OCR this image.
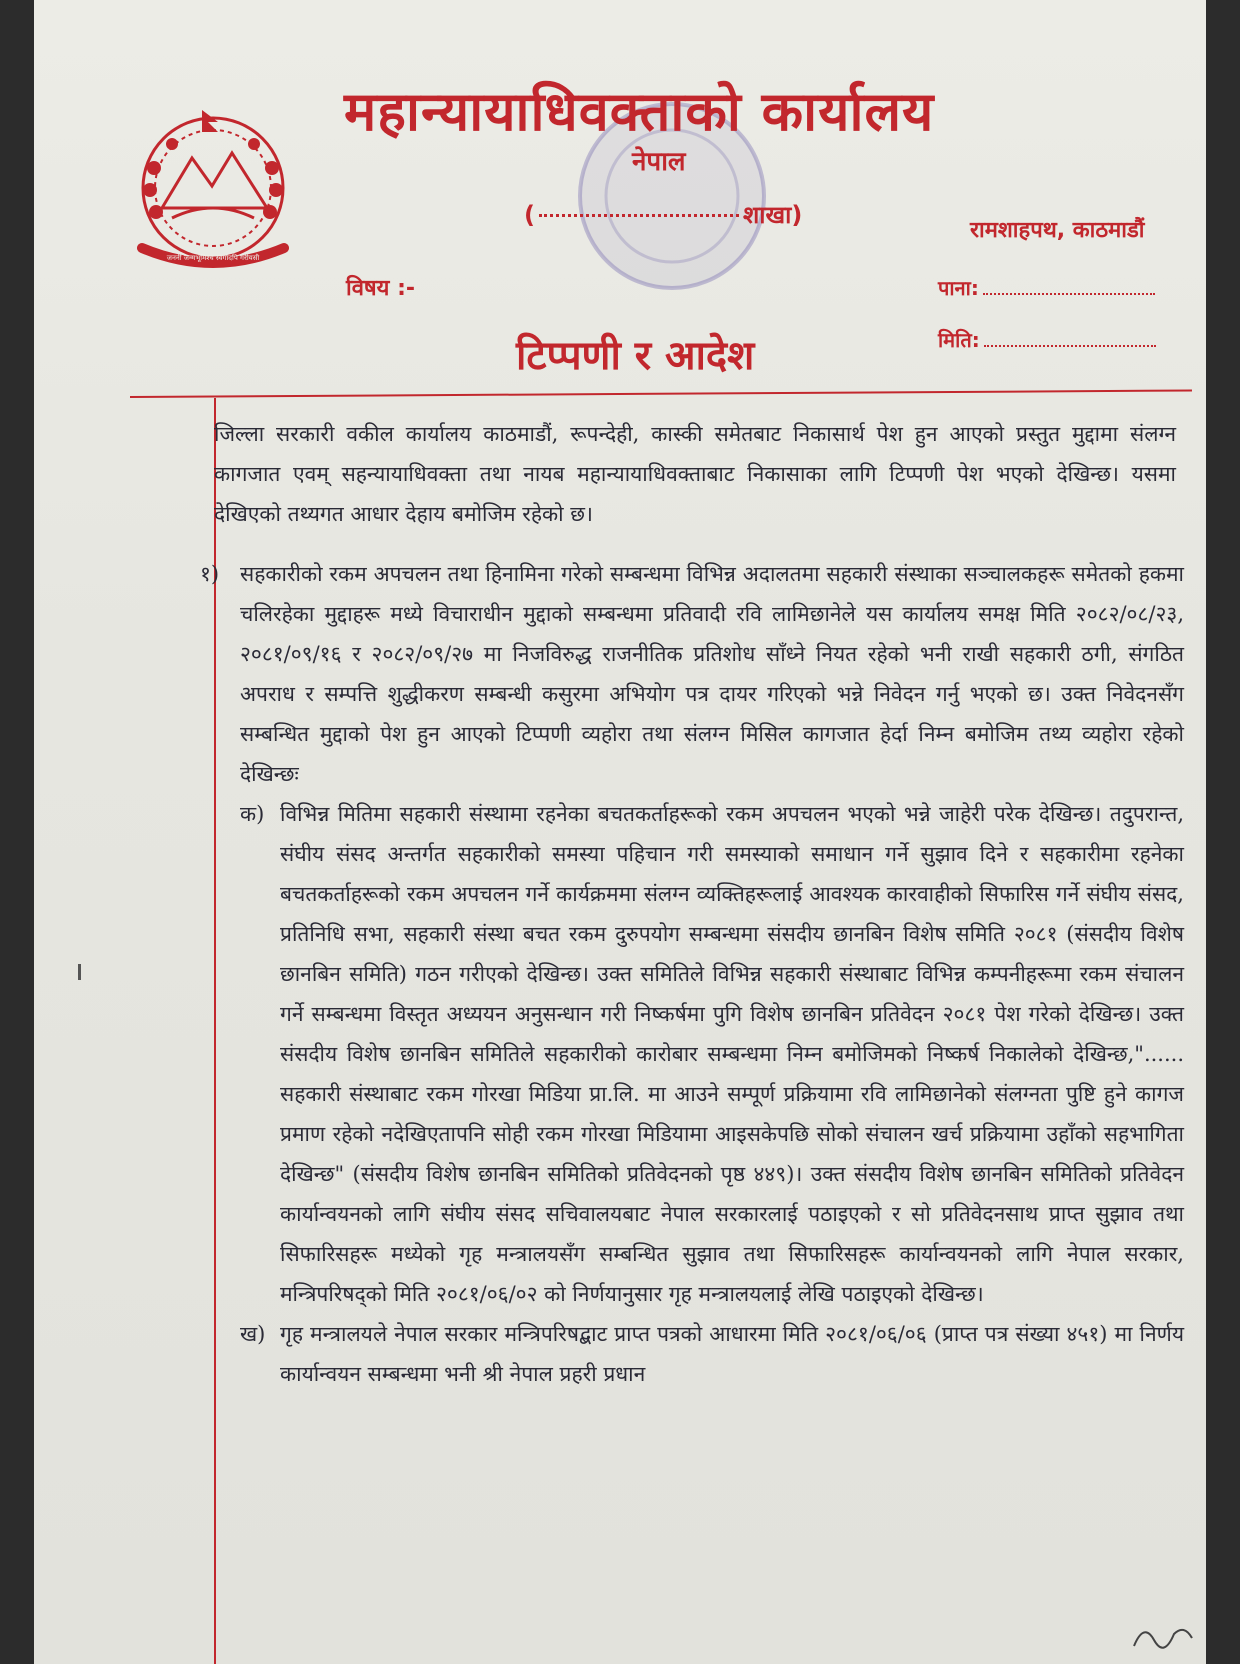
जननी जन्मभूमिश्च स्वर्गादपि गरीयसी
महान्यायाधिवक्ताको कार्यालय
नेपाल
(	शाखा)
रामशाहपथ, काठमाडौं
विषय :-	पाना:
मिति:
टिप्पणी र आदेश

जिल्ला सरकारी वकील कार्यालय काठमाडौं, रूपन्देही, कास्की समेतबाट निकासार्थ पेश हुन आएको प्रस्तुत मुद्दामा संलग्न कागजात एवम् सहन्यायाधिवक्ता तथा नायब महान्यायाधिवक्ताबाट निकासाका लागि टिप्पणी पेश भएको देखिन्छ। यसमा देखिएको तथ्यगत आधार देहाय बमोजिम रहेको छ।

१) सहकारीको रकम अपचलन तथा हिनामिना गरेको सम्बन्धमा विभिन्न अदालतमा सहकारी संस्थाका सञ्चालकहरू समेतको हकमा चलिरहेका मुद्दाहरू मध्ये विचाराधीन मुद्दाको सम्बन्धमा प्रतिवादी रवि लामिछानेले यस कार्यालय समक्ष मिति २०८२/०८/२३, २०८१/०९/१६ र २०८२/०९/२७ मा निजविरुद्ध राजनीतिक प्रतिशोध साँध्ने नियत रहेको भनी राखी सहकारी ठगी, संगठित अपराध र सम्पत्ति शुद्धीकरण सम्बन्धी कसुरमा अभियोग पत्र दायर गरिएको भन्ने निवेदन गर्नु भएको छ। उक्त निवेदनसँग सम्बन्धित मुद्दाको पेश हुन आएको टिप्पणी व्यहोरा तथा संलग्न मिसिल कागजात हेर्दा निम्न बमोजिम तथ्य व्यहोरा रहेको देखिन्छः

क) विभिन्न मितिमा सहकारी संस्थामा रहनेका बचतकर्ताहरूको रकम अपचलन भएको भन्ने जाहेरी परेक देखिन्छ। तदुपरान्त, संघीय संसद अन्तर्गत सहकारीको समस्या पहिचान गरी समस्याको समाधान गर्ने सुझाव दिने र सहकारीमा रहनेका बचतकर्ताहरूको रकम अपचलन गर्ने कार्यक्रममा संलग्न व्यक्तिहरूलाई आवश्यक कारवाहीको सिफारिस गर्ने संघीय संसद, प्रतिनिधि सभा, सहकारी संस्था बचत रकम दुरुपयोग सम्बन्धमा संसदीय छानबिन विशेष समिति २०८१ (संसदीय विशेष छानबिन समिति) गठन गरीएको देखिन्छ। उक्त समितिले विभिन्न सहकारी संस्थाबाट विभिन्न कम्पनीहरूमा रकम संचालन गर्ने सम्बन्धमा विस्तृत अध्ययन अनुसन्धान गरी निष्कर्षमा पुगि विशेष छानबिन प्रतिवेदन २०८१ पेश गरेको देखिन्छ। उक्त संसदीय विशेष छानबिन समितिले सहकारीको कारोबार सम्बन्धमा निम्न बमोजिमको निष्कर्ष निकालेको देखिन्छ,"...... सहकारी संस्थाबाट रकम गोरखा मिडिया प्रा.लि. मा आउने सम्पूर्ण प्रक्रियामा रवि लामिछानेको संलग्नता पुष्टि हुने कागज प्रमाण रहेको नदेखिएतापनि सोही रकम गोरखा मिडियामा आइसकेपछि सोको संचालन खर्च प्रक्रियामा उहाँको सहभागिता देखिन्छ" (संसदीय विशेष छानबिन समितिको प्रतिवेदनको पृष्ठ ४४९)। उक्त संसदीय विशेष छानबिन समितिको प्रतिवेदन कार्यान्वयनको लागि संघीय संसद सचिवालयबाट नेपाल सरकारलाई पठाइएको र सो प्रतिवेदनसाथ प्राप्त सुझाव तथा सिफारिसहरू मध्येको गृह मन्त्रालयसँग सम्बन्धित सुझाव तथा सिफारिसहरू कार्यान्वयनको लागि नेपाल सरकार, मन्त्रिपरिषद्को मिति २०८१/०६/०२ को निर्णयानुसार गृह मन्त्रालयलाई लेखि पठाइएको देखिन्छ।

ख) गृह मन्त्रालयले नेपाल सरकार मन्त्रिपरिषद्बाट प्राप्त पत्रको आधारमा मिति २०८१/०६/०६ (प्राप्त पत्र संख्या ४५१) मा निर्णय कार्यान्वयन सम्बन्धमा भनी श्री नेपाल प्रहरी प्रधान
